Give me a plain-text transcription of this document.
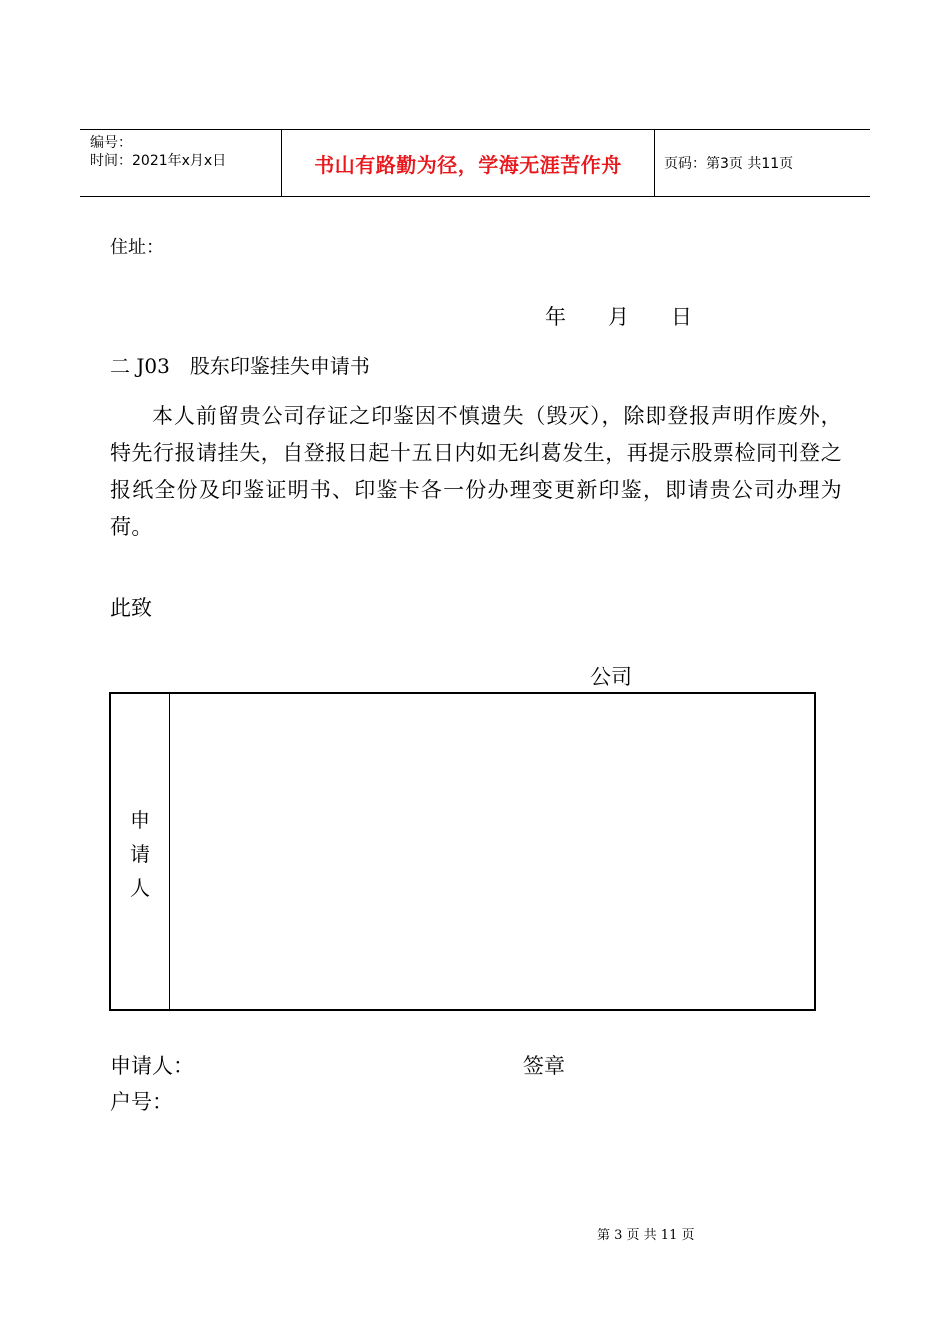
编号：
时间：2021年x月x日	书山有路勤为径，学海无涯苦作舟	页码：第3页 共11页
住址：
年　　月　　日
二 J03　股东印鉴挂失申请书
本人前留贵公司存证之印鉴因不慎遗失（毁灭），除即登报声明作废外，特先行报请挂失，自登报日起十五日内如无纠葛发生，再提示股票检同刊登之报纸全份及印鉴证明书、印鉴卡各一份办理变更新印鉴，即请贵公司办理为荷。
此致
公司
申
请
人
申请人：	签章
户号：
第 3 页 共 11 页
